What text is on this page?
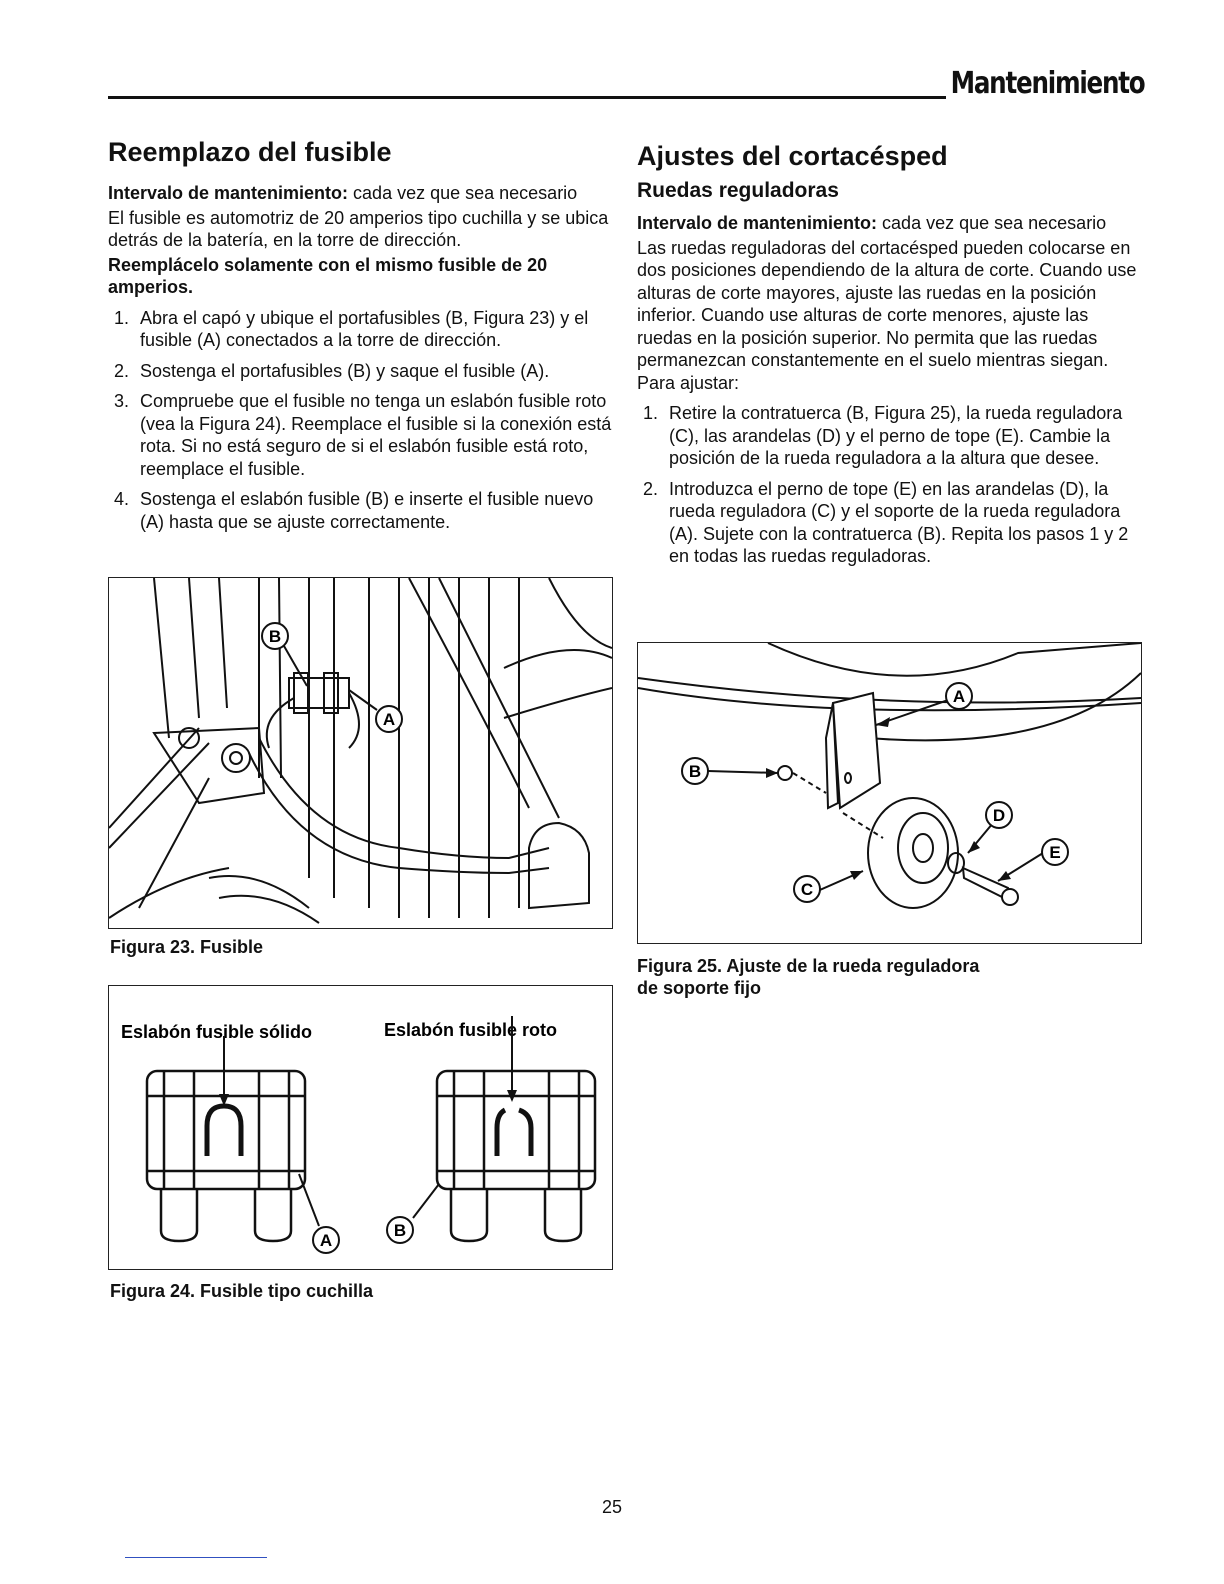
Mantenimiento
Reemplazo del fusible

Intervalo de mantenimiento: cada vez que sea necesario

El fusible es automotriz de 20 amperios tipo cuchilla y se ubica detrás de la batería, en la torre de dirección.

Reemplácelo solamente con el mismo fusible de 20 amperios.

1. Abra el capó y ubique el portafusibles (B, Figura 23) y el fusible (A) conectados a la torre de dirección.
2. Sostenga el portafusibles (B) y saque el fusible (A).
3. Compruebe que el fusible no tenga un eslabón fusible roto (vea la Figura 24). Reemplace el fusible si la conexión está rota. Si no está seguro de si el eslabón fusible está roto, reemplace el fusible.
4. Sostenga el eslabón fusible (B) e inserte el fusible nuevo (A) hasta que se ajuste correctamente.
Ajustes del cortacésped
Ruedas reguladoras

Intervalo de mantenimiento: cada vez que sea necesario

Las ruedas reguladoras del cortacésped pueden colocarse en dos posiciones dependiendo de la altura de corte. Cuando use alturas de corte mayores, ajuste las ruedas en la posición inferior. Cuando use alturas de corte menores, ajuste las ruedas en la posición superior. No permita que las ruedas permanezcan constantemente en el suelo mientras siegan. Para ajustar:

1. Retire la contratuerca (B, Figura 25), la rueda reguladora (C), las arandelas (D) y el perno de tope (E). Cambie la posición de la rueda reguladora a la altura que desee.
2. Introduzca el perno de tope (E) en las arandelas (D), la rueda reguladora (C) y el soporte de la rueda reguladora (A). Sujete con la contratuerca (B). Repita los pasos 1 y 2 en todas las ruedas reguladoras.
B
A
Figura 23. Fusible
Eslabón fusible sólido	Eslabón fusible roto
A
B
Figura 24. Fusible tipo cuchilla
A
B
C
D
E
Figura 25. Ajuste de la rueda reguladora
de soporte fijo
25
